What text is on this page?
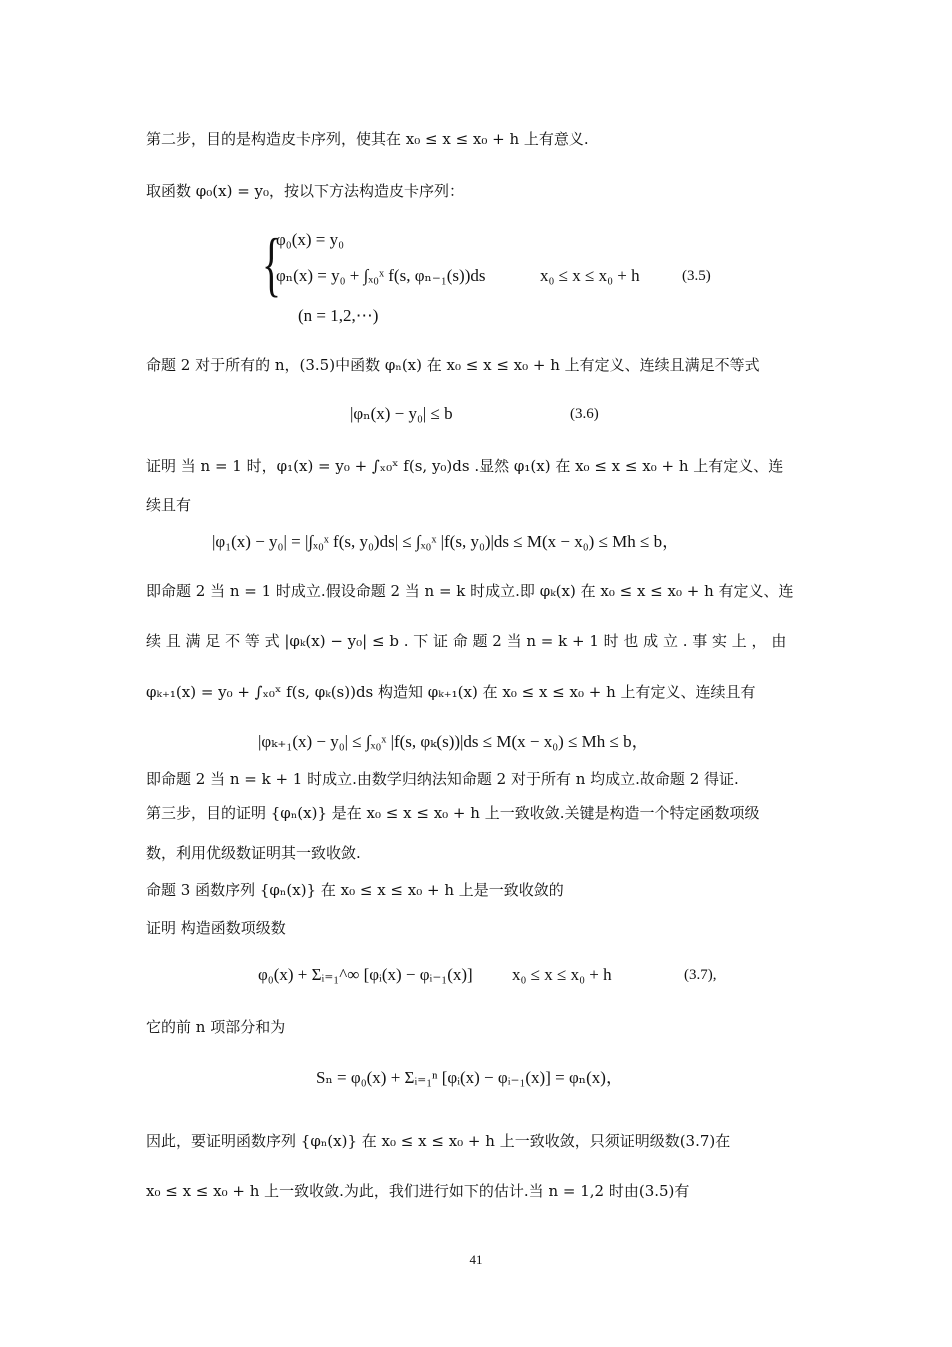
第二步，目的是构造皮卡序列，使其在 x₀ ≤ x ≤ x₀ + h 上有意义.
取函数 φ₀(x) = y₀，按以下方法构造皮卡序列：
{
φ₀(x) = y₀
φₙ(x) = y₀ + ∫ₓ₀ˣ f(s, φₙ₋₁(s))ds	x₀ ≤ x ≤ x₀ + h	(3.5)
(n = 1,2,⋯)
命题 2 对于所有的 n，(3.5)中函数 φₙ(x) 在 x₀ ≤ x ≤ x₀ + h 上有定义、连续且满足不等式
|φₙ(x) − y₀| ≤ b	(3.6)
证明 当 n = 1 时，φ₁(x) = y₀ + ∫ₓ₀ˣ f(s, y₀)ds .显然 φ₁(x) 在 x₀ ≤ x ≤ x₀ + h 上有定义、连
续且有
|φ₁(x) − y₀| = |∫ₓ₀ˣ f(s, y₀)ds| ≤ ∫ₓ₀ˣ |f(s, y₀)|ds ≤ M(x − x₀) ≤ Mh ≤ b，
即命题 2 当 n = 1 时成立.假设命题 2 当 n = k 时成立.即 φₖ(x) 在 x₀ ≤ x ≤ x₀ + h 有定义、连
续 且 满 足 不 等 式 |φₖ(x) − y₀| ≤ b . 下 证 命 题 2 当 n = k + 1 时 也 成 立 . 事 实 上 ， 由
φₖ₊₁(x) = y₀ + ∫ₓ₀ˣ f(s, φₖ(s))ds 构造知 φₖ₊₁(x) 在 x₀ ≤ x ≤ x₀ + h 上有定义、连续且有
|φₖ₊₁(x) − y₀| ≤ ∫ₓ₀ˣ |f(s, φₖ(s))|ds ≤ M(x − x₀) ≤ Mh ≤ b，
即命题 2 当 n = k + 1 时成立.由数学归纳法知命题 2 对于所有 n 均成立.故命题 2 得证.
第三步，目的证明 {φₙ(x)} 是在 x₀ ≤ x ≤ x₀ + h 上一致收敛.关键是构造一个特定函数项级
数，利用优级数证明其一致收敛.
命题 3 函数序列 {φₙ(x)} 在 x₀ ≤ x ≤ x₀ + h 上是一致收敛的
证明 构造函数项级数
φ₀(x) + Σᵢ₌₁^∞ [φᵢ(x) − φᵢ₋₁(x)] x₀ ≤ x ≤ x₀ + h	(3.7),
它的前 n 项部分和为
Sₙ = φ₀(x) + Σᵢ₌₁ⁿ [φᵢ(x) − φᵢ₋₁(x)] = φₙ(x)，
因此，要证明函数序列 {φₙ(x)} 在 x₀ ≤ x ≤ x₀ + h 上一致收敛，只须证明级数(3.7)在
x₀ ≤ x ≤ x₀ + h 上一致收敛.为此，我们进行如下的估计.当 n = 1,2 时由(3.5)有
41
